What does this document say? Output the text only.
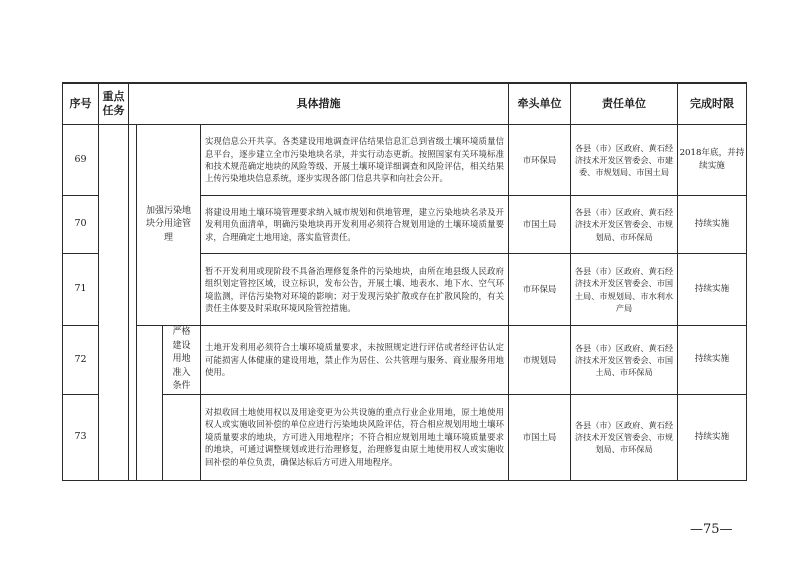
序号	重点任务	具体措施				牵头单位	责任单位	完成时限
69			加强污染地块分用途管理		实现信息公开共享。各类建设用地调查评估结果信息汇总到省级土壤环境质量信息平台，逐步建立全市污染地块名录，并实行动态更新。按照国家有关环境标准和技术规范确定地块的风险等级、开展土壤环境详细调查和风险评估，相关结果上传污染地块信息系统，逐步实现各部门信息共享和向社会公开。	市环保局	各县（市）区政府、黄石经济技术开发区管委会、市建委、市规划局、市国土局	2018年底，并持续实施
70					将建设用地土壤环境管理要求纳入城市规划和供地管理，建立污染地块名录及开发利用负面清单，明确污染地块再开发利用必须符合规划用途的土壤环境质量要求，合理确定土地用途，落实监管责任。	市国土局	各县（市）区政府、黄石经济技术开发区管委会、市规划局、市环保局	持续实施
71					暂不开发利用或现阶段不具备治理修复条件的污染地块，由所在地县级人民政府组织划定管控区域，设立标识，发布公告，开展土壤、地表水、地下水、空气环境监测，评估污染物对环境的影响；对于发现污染扩散或存在扩散风险的，有关责任主体要及时采取环境风险管控措施。	市环保局	各县（市）区政府、黄石经济技术开发区管委会、市国土局、市规划局、市水利水产局	持续实施
72				严格建设用地准入条件	土地开发利用必须符合土壤环境质量要求，未按照规定进行评估或者经评估认定可能损害人体健康的建设用地，禁止作为居住、公共管理与服务、商业服务用地使用。	市规划局	各县（市）区政府、黄石经济技术开发区管委会、市国土局、市环保局	持续实施
73					对拟收回土地使用权以及用途变更为公共设施的重点行业企业用地，原土地使用权人或实施收回补偿的单位应进行污染地块风险评估，符合相应规划用地土壤环境质量要求的地块，方可进入用地程序；不符合相应规划用地土壤环境质量要求的地块，可通过调整规划或进行治理修复，治理修复由原土地使用权人或实施收回补偿的单位负责，确保达标后方可进入用地程序。	市国土局	各县（市）区政府、黄石经济技术开发区管委会、市规划局、市环保局	持续实施
—75—
